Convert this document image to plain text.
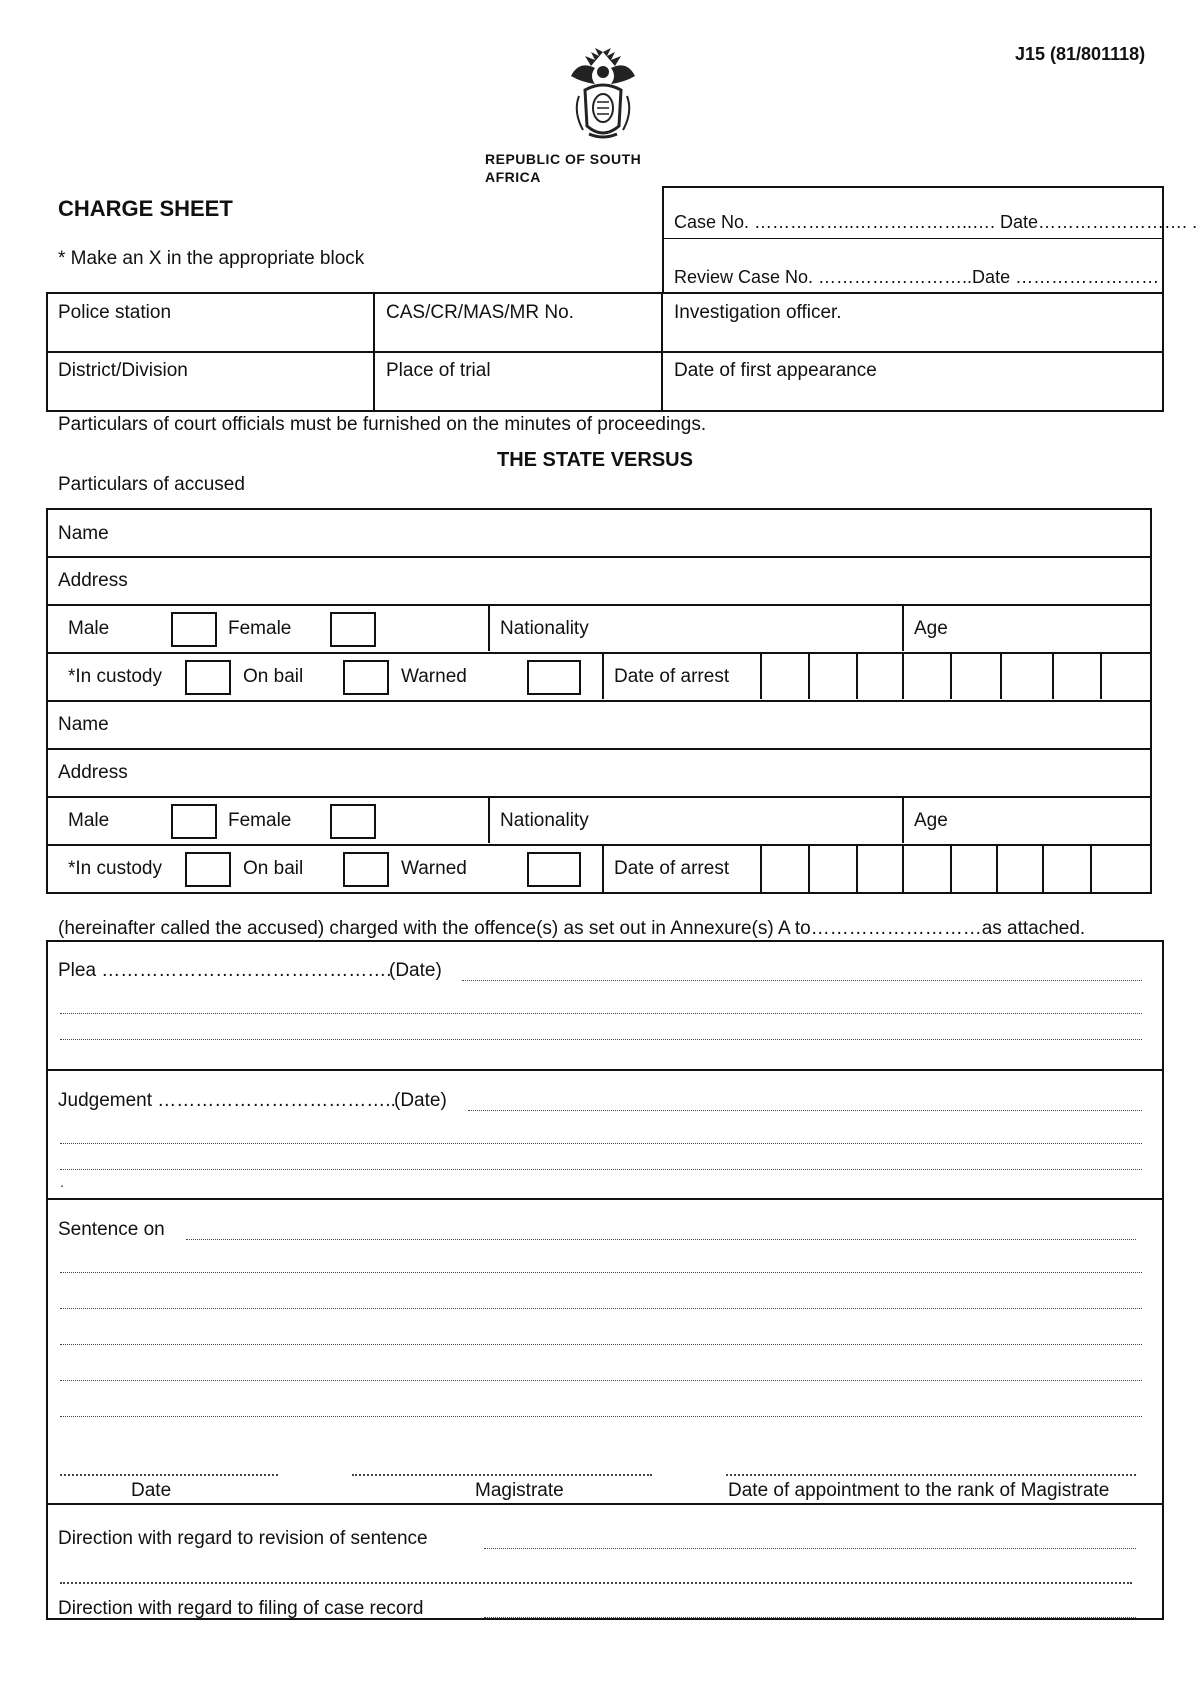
J15 (81/801118)
REPUBLIC OF SOUTH AFRICA
CHARGE SHEET
* Make an X in the appropriate block
Case No. ……………..………………..…. Date……………………. .
Review Case No. ……………………..Date ……………………
Police station	CAS/CR/MAS/MR No.	Investigation officer.
District/Division	Place of trial	Date of first appearance
Particulars of court officials must be furnished on the minutes of proceedings.
THE STATE VERSUS
Particulars of accused
Name
Address
Male	Female	Nationality	Age
*In custody	On bail	Warned	Date of arrest
Name
Address
Male	Female	Nationality	Age
*In custody	On bail	Warned	Date of arrest
(hereinafter called the accused) charged with the offence(s) as set out in Annexure(s) A to………………………as attached.
Plea ……………………………………….
(Date)
Judgement ………………………………..
(Date)
.
Sentence on
Date	Magistrate	Date of appointment to the rank of Magistrate
Direction with regard to revision of sentence
Direction with regard to filing of case record
